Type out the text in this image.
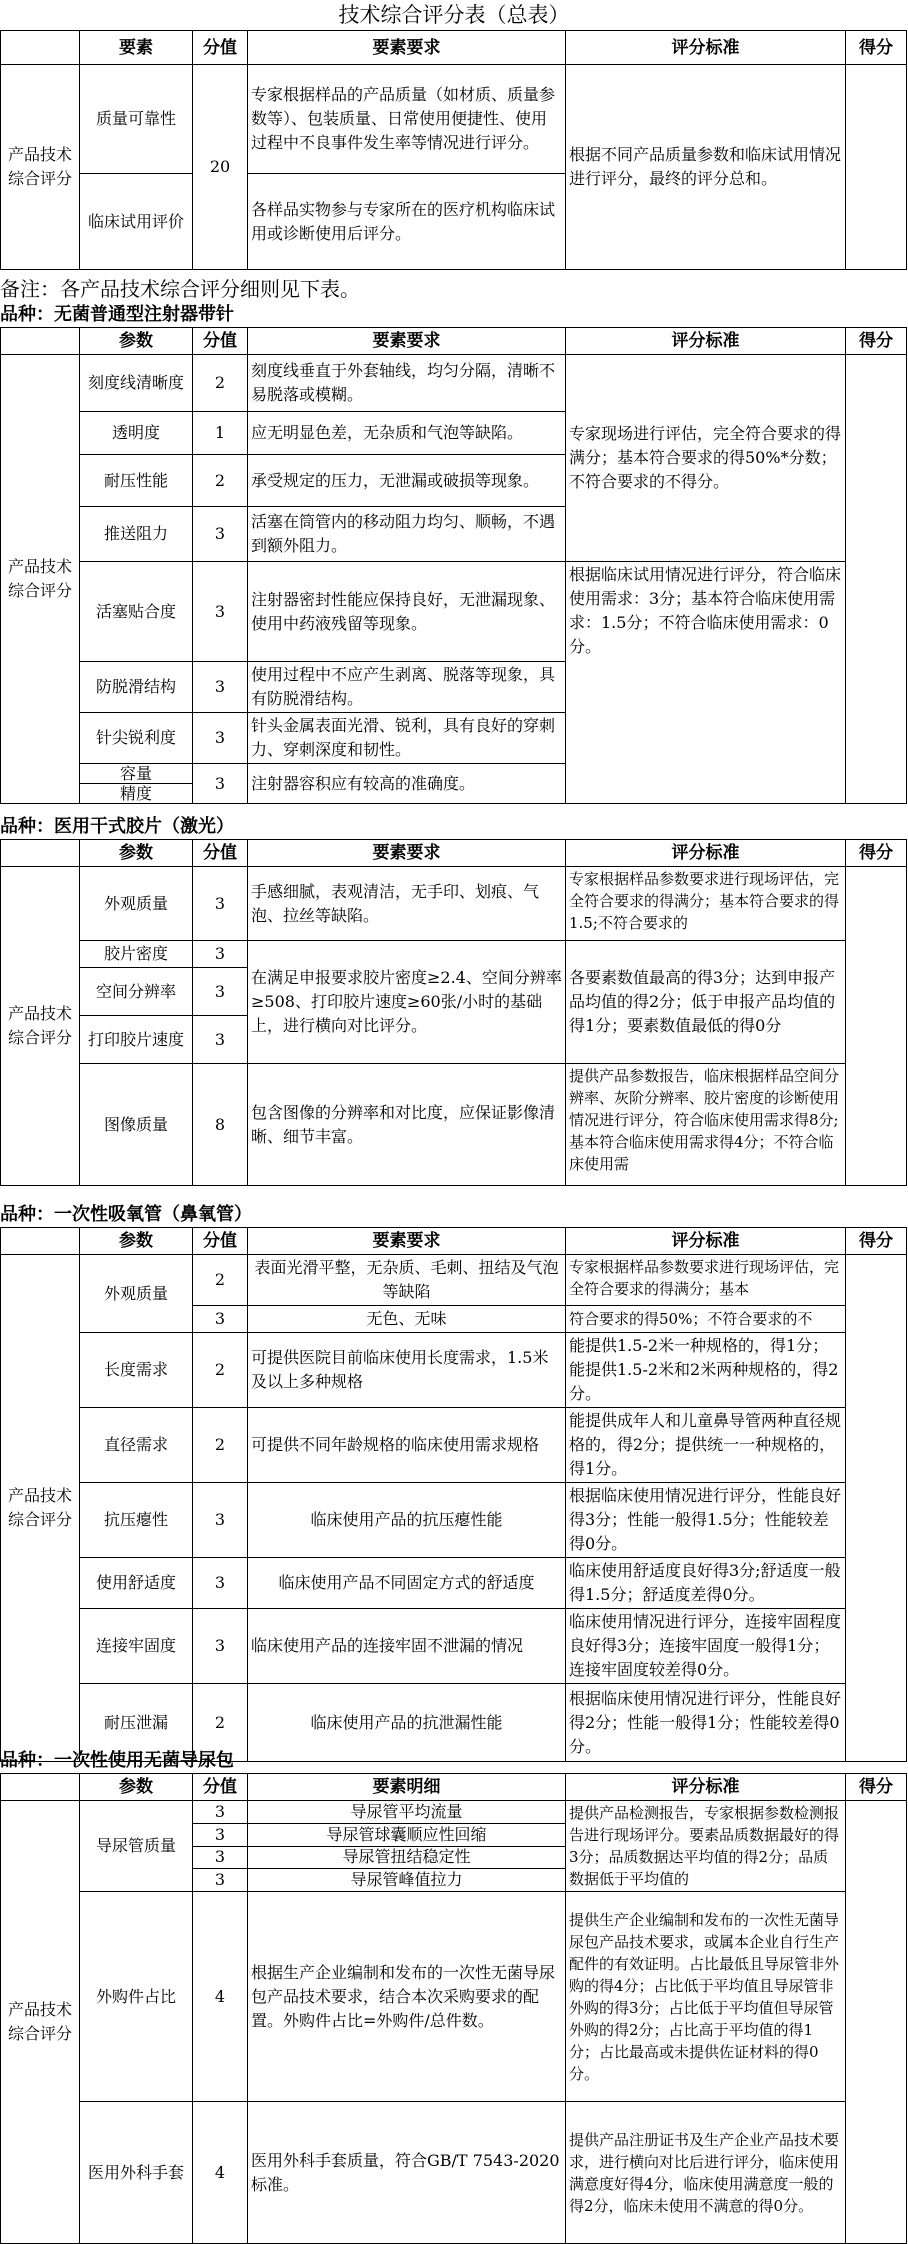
技术综合评分表（总表）
	要素	分值	要素要求	评分标准	得分
产品技术综合评分	质量可靠性	20	专家根据样品的产品质量（如材质、质量参数等）、包装质量、日常使用便捷性、使用过程中不良事件发生率等情况进行评分。	根据不同产品质量参数和临床试用情况进行评分，最终的评分总和。	
	临床试用评价		各样品实物参与专家所在的医疗机构临床试用或诊断使用后评分。		
备注：各产品技术综合评分细则见下表。
品种：无菌普通型注射器带针
	参数	分值	要素要求	评分标准	得分
产品技术综合评分	刻度线清晰度	2	刻度线垂直于外套轴线，均匀分隔，清晰不易脱落或模糊。	专家现场进行评估，完全符合要求的得满分；基本符合要求的得50%*分数；不符合要求的不得分。	
	透明度	1	应无明显色差，无杂质和气泡等缺陷。		
	耐压性能	2	承受规定的压力，无泄漏或破损等现象。		
	推送阻力	3	活塞在筒管内的移动阻力均匀、顺畅，不遇到额外阻力。		
	活塞贴合度	3	注射器密封性能应保持良好，无泄漏现象、使用中药液残留等现象。	根据临床试用情况进行评分，符合临床使用需求：3分；基本符合临床使用需求：1.5分；不符合临床使用需求：0分。	
	防脱滑结构	3	使用过程中不应产生剥离、脱落等现象，具有防脱滑结构。		
	针尖锐利度	3	针头金属表面光滑、锐利，具有良好的穿刺力、穿刺深度和韧性。		
	容量	3	注射器容积应有较高的准确度。		
	精度				
品种：医用干式胶片（激光）
	参数	分值	要素要求	评分标准	得分
产品技术综合评分	外观质量	3	手感细腻，表观清洁，无手印、划痕、气泡、拉丝等缺陷。	专家根据样品参数要求进行现场评估，完全符合要求的得满分；基本符合要求的得1.5;不符合要求的	
	胶片密度	3	在满足申报要求胶片密度≥2.4、空间分辨率≥508、打印胶片速度≥60张/小时的基础上，进行横向对比评分。	各要素数值最高的得3分；达到申报产品均值的得2分；低于申报产品均值的得1分；要素数值最低的得0分	
	空间分辨率	3			
	打印胶片速度	3			
	图像质量	8	包含图像的分辨率和对比度，应保证影像清晰、细节丰富。	提供产品参数报告，临床根据样品空间分辨率、灰阶分辨率、胶片密度的诊断使用情况进行评分，符合临床使用需求得8分;基本符合临床使用需求得4分；不符合临床使用需	
品种：一次性吸氧管（鼻氧管）
	参数	分值	要素要求	评分标准	得分
产品技术综合评分	外观质量	2	表面光滑平整，无杂质、毛刺、扭结及气泡等缺陷	专家根据样品参数要求进行现场评估，完全符合要求的得满分；基本	
		3	无色、无味	符合要求的得50%；不符合要求的不	
	长度需求	2	可提供医院目前临床使用长度需求，1.5米及以上多种规格	能提供1.5-2米一种规格的，得1分；能提供1.5-2米和2米两种规格的，得2分。	
	直径需求	2	可提供不同年龄规格的临床使用需求规格	能提供成年人和儿童鼻导管两种直径规格的，得2分；提供统一一种规格的，得1分。	
	抗压瘪性	3	临床使用产品的抗压瘪性能	根据临床使用情况进行评分，性能良好得3分；性能一般得1.5分；性能较差得0分。	
	使用舒适度	3	临床使用产品不同固定方式的舒适度	临床使用舒适度良好得3分;舒适度一般得1.5分；舒适度差得0分。	
	连接牢固度	3	临床使用产品的连接牢固不泄漏的情况	临床使用情况进行评分，连接牢固程度良好得3分；连接牢固度一般得1分；连接牢固度较差得0分。	
	耐压泄漏	2	临床使用产品的抗泄漏性能	根据临床使用情况进行评分，性能良好得2分；性能一般得1分；性能较差得0分。	
品种：一次性使用无菌导尿包
	参数	分值	要素明细	评分标准	得分
产品技术综合评分	导尿管质量	3	导尿管平均流量	提供产品检测报告，专家根据参数检测报告进行现场评分。要素品质数据最好的得3分；品质数据达平均值的得2分；品质数据低于平均值的	
		3	导尿管球囊顺应性回缩		
		3	导尿管扭结稳定性		
		3	导尿管峰值拉力		
	外购件占比	4	根据生产企业编制和发布的一次性无菌导尿包产品技术要求，结合本次采购要求的配置。外购件占比=外购件/总件数。	提供生产企业编制和发布的一次性无菌导尿包产品技术要求，或属本企业自行生产配件的有效证明。占比最低且导尿管非外购的得4分；占比低于平均值且导尿管非外购的得3分；占比低于平均值但导尿管外购的得2分；占比高于平均值的得1分；占比最高或未提供佐证材料的得0分。	
	医用外科手套	4	医用外科手套质量，符合GB/T 7543-2020标准。	提供产品注册证书及生产企业产品技术要求，进行横向对比后进行评分，临床使用满意度好得4分，临床使用满意度一般的得2分，临床未使用不满意的得0分。	
